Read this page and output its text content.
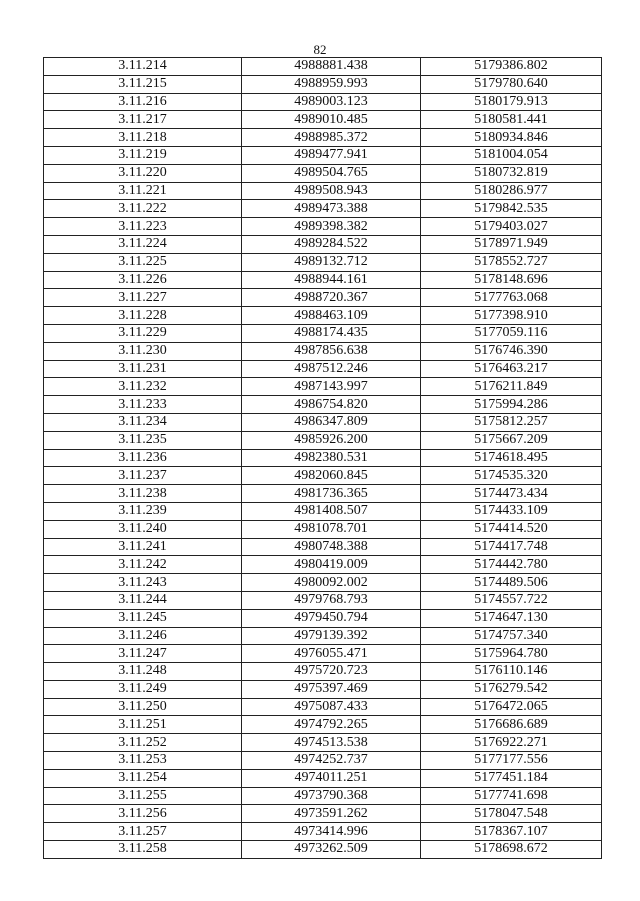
82
3.11.214	4988881.438	5179386.802
3.11.215	4988959.993	5179780.640
3.11.216	4989003.123	5180179.913
3.11.217	4989010.485	5180581.441
3.11.218	4988985.372	5180934.846
3.11.219	4989477.941	5181004.054
3.11.220	4989504.765	5180732.819
3.11.221	4989508.943	5180286.977
3.11.222	4989473.388	5179842.535
3.11.223	4989398.382	5179403.027
3.11.224	4989284.522	5178971.949
3.11.225	4989132.712	5178552.727
3.11.226	4988944.161	5178148.696
3.11.227	4988720.367	5177763.068
3.11.228	4988463.109	5177398.910
3.11.229	4988174.435	5177059.116
3.11.230	4987856.638	5176746.390
3.11.231	4987512.246	5176463.217
3.11.232	4987143.997	5176211.849
3.11.233	4986754.820	5175994.286
3.11.234	4986347.809	5175812.257
3.11.235	4985926.200	5175667.209
3.11.236	4982380.531	5174618.495
3.11.237	4982060.845	5174535.320
3.11.238	4981736.365	5174473.434
3.11.239	4981408.507	5174433.109
3.11.240	4981078.701	5174414.520
3.11.241	4980748.388	5174417.748
3.11.242	4980419.009	5174442.780
3.11.243	4980092.002	5174489.506
3.11.244	4979768.793	5174557.722
3.11.245	4979450.794	5174647.130
3.11.246	4979139.392	5174757.340
3.11.247	4976055.471	5175964.780
3.11.248	4975720.723	5176110.146
3.11.249	4975397.469	5176279.542
3.11.250	4975087.433	5176472.065
3.11.251	4974792.265	5176686.689
3.11.252	4974513.538	5176922.271
3.11.253	4974252.737	5177177.556
3.11.254	4974011.251	5177451.184
3.11.255	4973790.368	5177741.698
3.11.256	4973591.262	5178047.548
3.11.257	4973414.996	5178367.107
3.11.258	4973262.509	5178698.672
